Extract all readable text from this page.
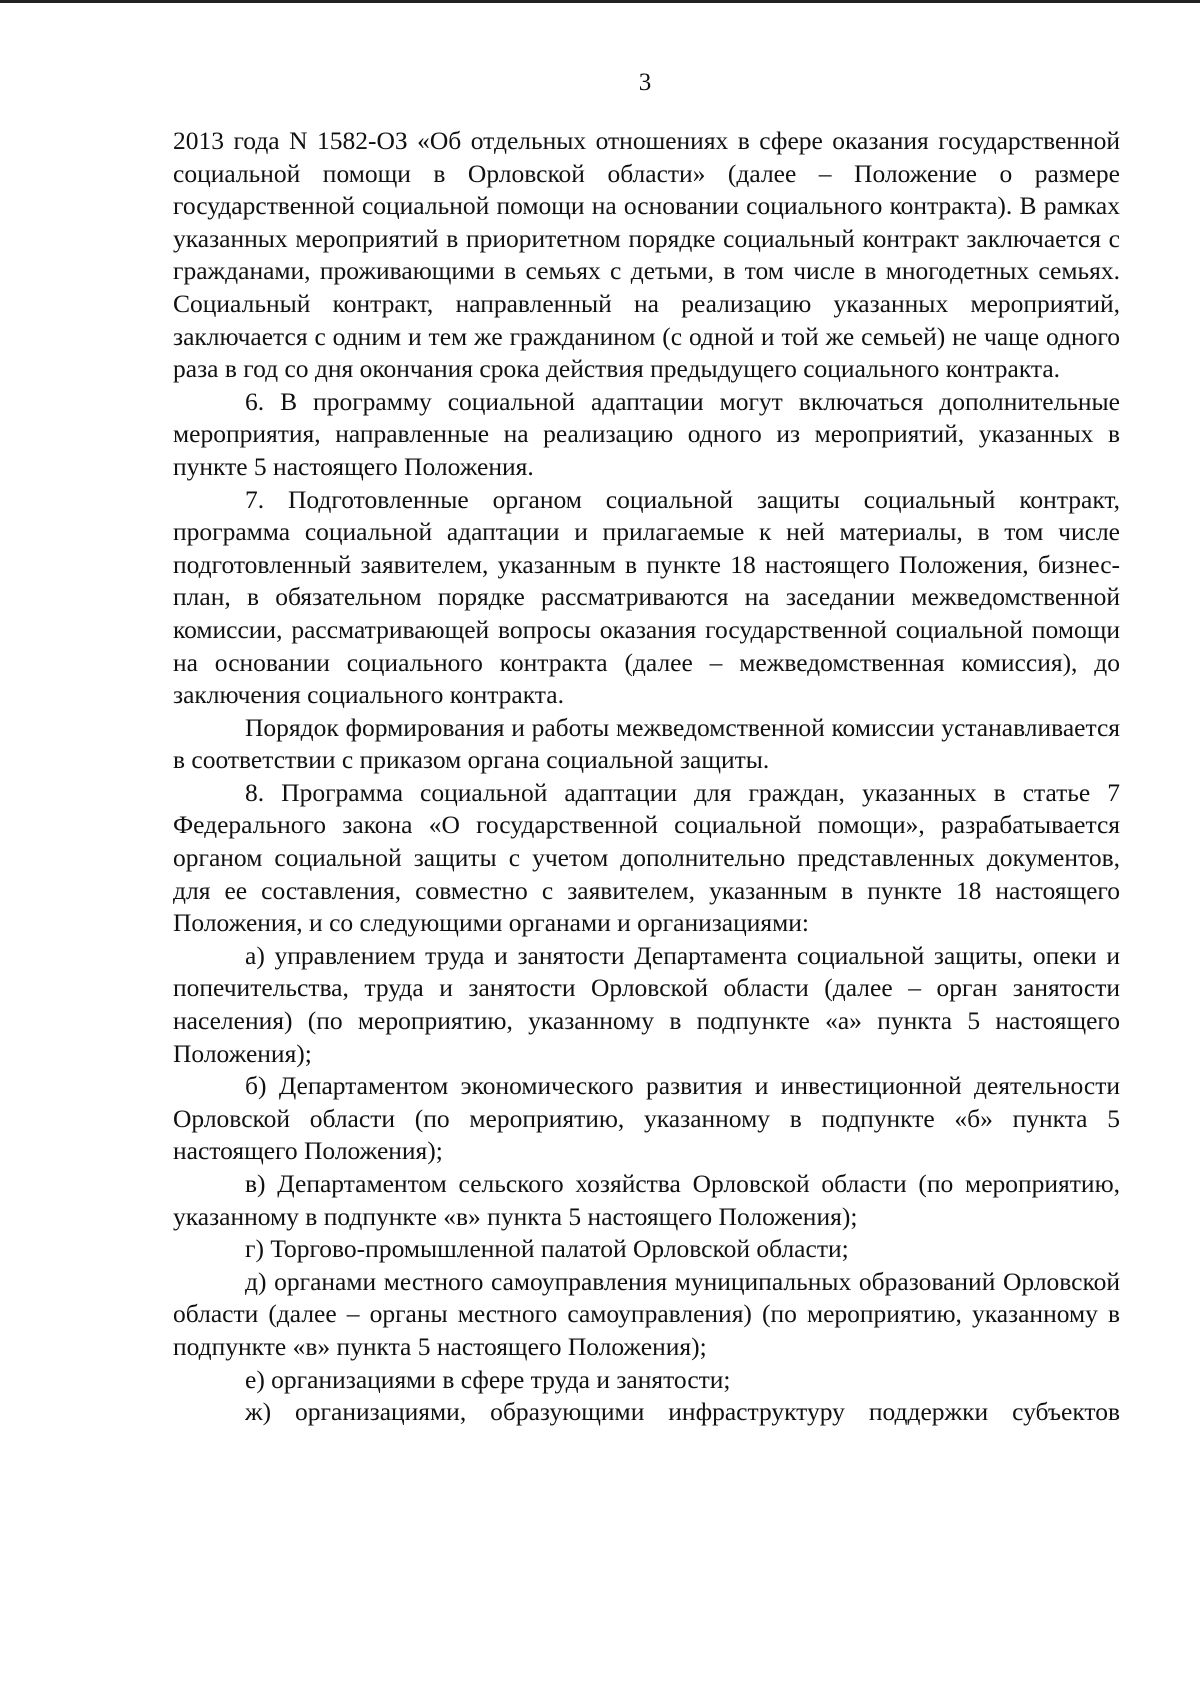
3

2013 года N 1582-ОЗ «Об отдельных отношениях в сфере оказания государственной социальной помощи в Орловской области» (далее – Положение о размере государственной социальной помощи на основании социального контракта). В рамках указанных мероприятий в приоритетном порядке социальный контракт заключается с гражданами, проживающими в семьях с детьми, в том числе в многодетных семьях. Социальный контракт, направленный на реализацию указанных мероприятий, заключается с одним и тем же гражданином (с одной и той же семьей) не чаще одного раза в год со дня окончания срока действия предыдущего социального контракта.

6. В программу социальной адаптации могут включаться дополнительные мероприятия, направленные на реализацию одного из мероприятий, указанных в пункте 5 настоящего Положения.

7. Подготовленные органом социальной защиты социальный контракт, программа социальной адаптации и прилагаемые к ней материалы, в том числе подготовленный заявителем, указанным в пункте 18 настоящего Положения, бизнес-план, в обязательном порядке рассматриваются на заседании межведомственной комиссии, рассматривающей вопросы оказания государственной социальной помощи на основании социального контракта (далее – межведомственная комиссия), до заключения социального контракта.

Порядок формирования и работы межведомственной комиссии устанавливается в соответствии с приказом органа социальной защиты.

8. Программа социальной адаптации для граждан, указанных в статье 7 Федерального закона «О государственной социальной помощи», разрабатывается органом социальной защиты с учетом дополнительно представленных документов, для ее составления, совместно с заявителем, указанным в пункте 18 настоящего Положения, и со следующими органами и организациями:

а) управлением труда и занятости Департамента социальной защиты, опеки и попечительства, труда и занятости Орловской области (далее – орган занятости населения) (по мероприятию, указанному в подпункте «а» пункта 5 настоящего Положения);

б) Департаментом экономического развития и инвестиционной деятельности Орловской области (по мероприятию, указанному в подпункте «б» пункта 5 настоящего Положения);

в) Департаментом сельского хозяйства Орловской области (по мероприятию, указанному в подпункте «в» пункта 5 настоящего Положения);

г) Торгово-промышленной палатой Орловской области;

д) органами местного самоуправления муниципальных образований Орловской области (далее – органы местного самоуправления) (по мероприятию, указанному в подпункте «в» пункта 5 настоящего Положения);

е) организациями в сфере труда и занятости;

ж) организациями, образующими инфраструктуру поддержки субъектов
